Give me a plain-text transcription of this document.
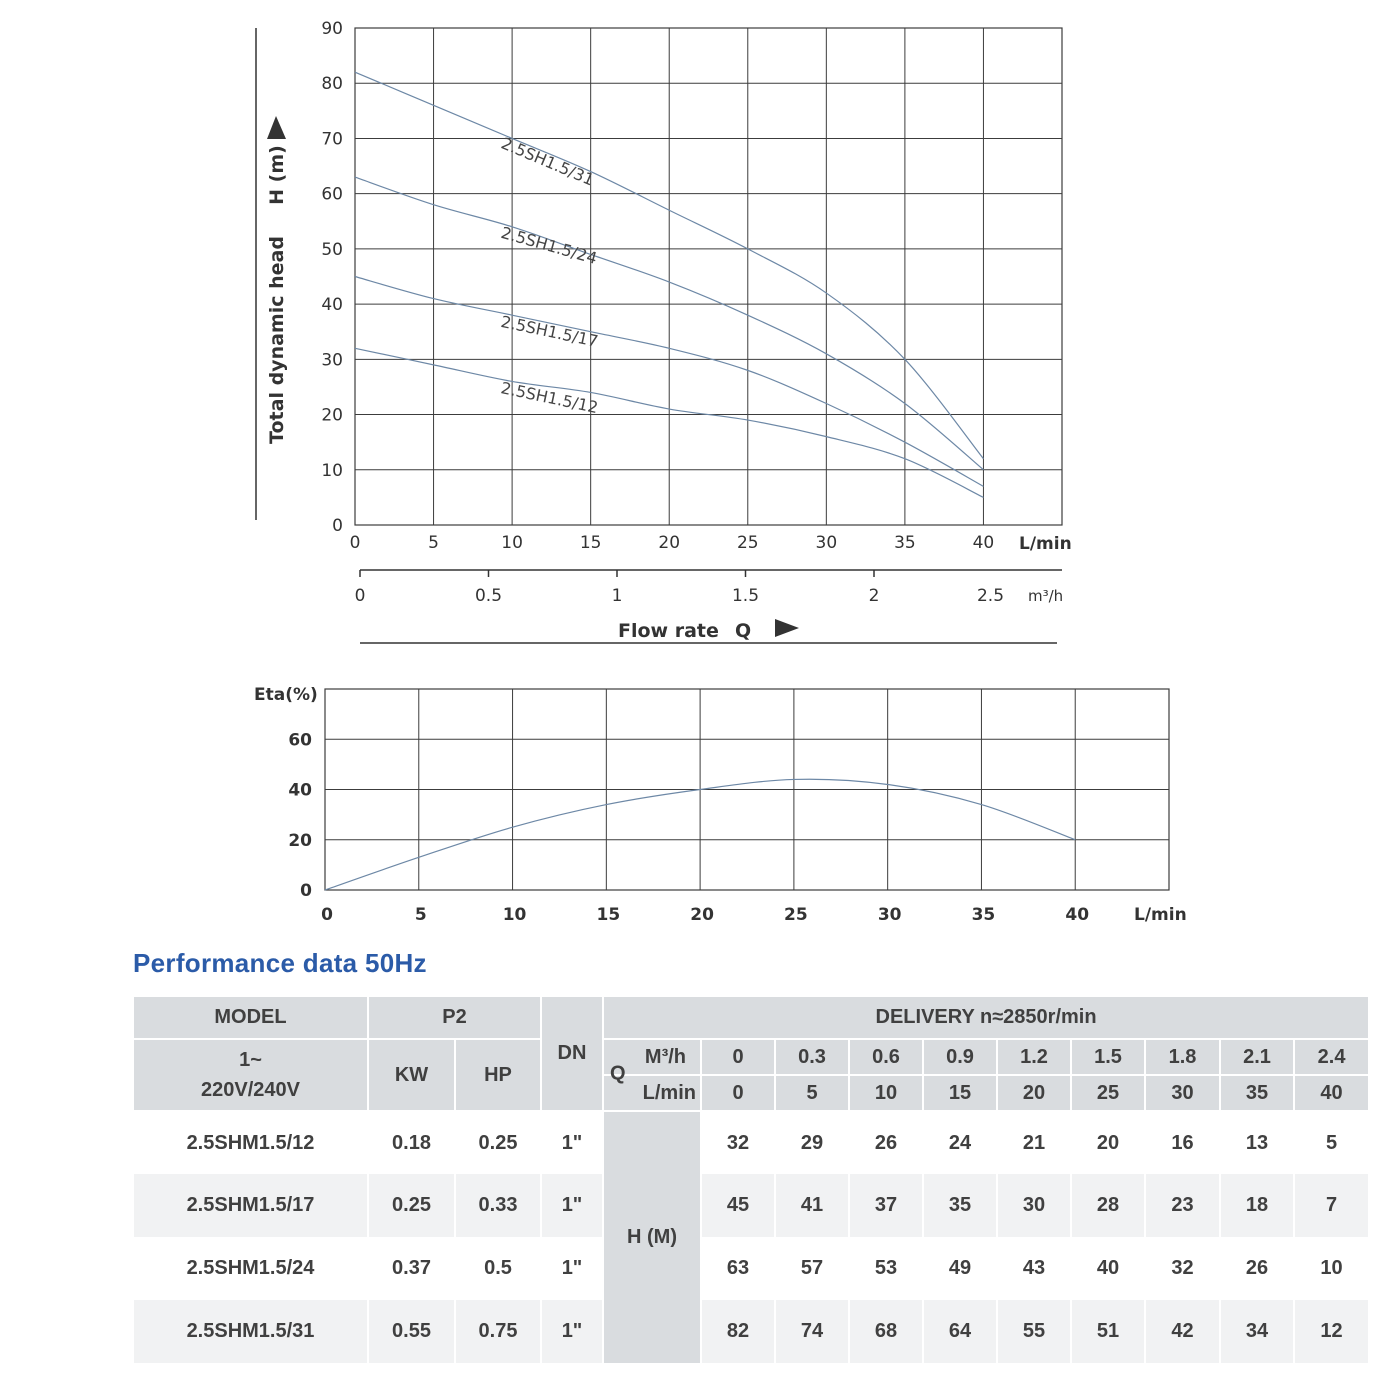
2.5SH1.5/31
2.5SH1.5/24
2.5SH1.5/17
2.5SH1.5/12
0
10
20
30
40
50
60
70
80
90
0	5	10	15	20	25	30	35	40
Total dynamic head
H (m)
L/min
0	0.5	1	1.5	2	2.5 m³/h
Flow rate Q
0
20
40
60
0	5	10	15	20	25	30	35	40
Eta(%)
L/min
Performance data 50Hz
MODEL	P2		DN	DELIVERY n≈2850r/min									

1~
220V/240V	KW	HP		M³/h	0	0.3	0.6	0.9	1.2	1.5	1.8	2.1	2.4

				Q
L/min	0	5	10	15	20	25	30	35	40
2.5SHM1.5/12	0.18	0.25	1"	H (M)	32	29	26	24	21	20	16	13	5
2.5SHM1.5/17	0.25	0.33	1"		45	41	37	35	30	28	23	18	7
2.5SHM1.5/24	0.37	0.5	1"		63	57	53	49	43	40	32	26	10
2.5SHM1.5/31	0.55	0.75	1"		82	74	68	64	55	51	42	34	12
